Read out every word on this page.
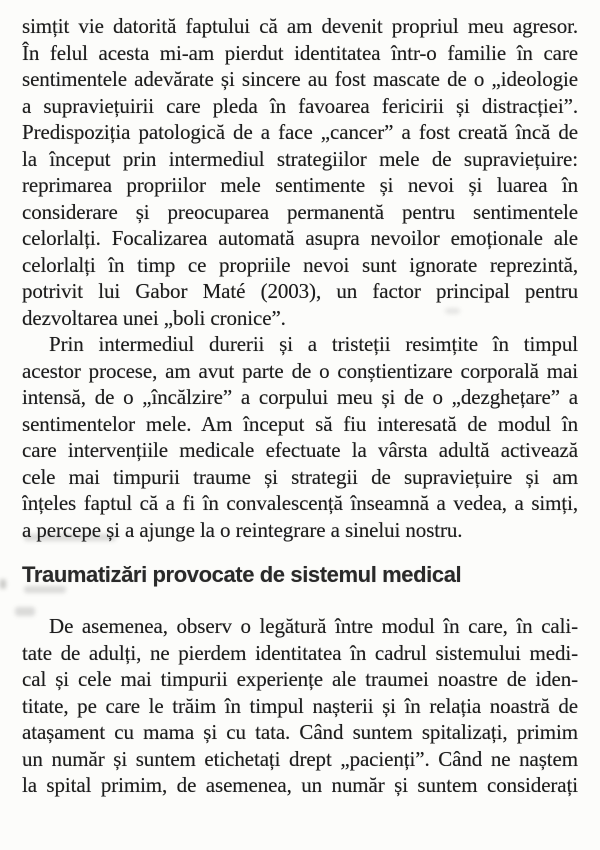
simțit vie datorită faptului că am devenit propriul meu agresor.
În felul acesta mi-am pierdut identitatea într-o familie în care
sentimentele adevărate și sincere au fost mascate de o „ideologie
a supraviețuirii care pleda în favoarea fericirii și distracției”.
Predispoziția patologică de a face „cancer” a fost creată încă de
la început prin intermediul strategiilor mele de supraviețuire:
reprimarea propriilor mele sentimente și nevoi și luarea în
considerare și preocuparea permanentă pentru sentimentele
celorlalți. Focalizarea automată asupra nevoilor emoționale ale
celorlalți în timp ce propriile nevoi sunt ignorate reprezintă,
potrivit lui Gabor Maté (2003), un factor principal pentru
dezvoltarea unei „boli cronice”.
Prin intermediul durerii și a tristeții resimțite în timpul
acestor procese, am avut parte de o conștientizare corporală mai
intensă, de o „încălzire” a corpului meu și de o „dezghețare” a
sentimentelor mele. Am început să fiu interesată de modul în
care intervențiile medicale efectuate la vârsta adultă activează
cele mai timpurii traume și strategii de supraviețuire și am
înțeles faptul că a fi în convalescență înseamnă a vedea, a simți,
a percepe și a ajunge la o reintegrare a sinelui nostru.
Traumatizări provocate de sistemul medical
De asemenea, observ o legătură între modul în care, în cali-
tate de adulți, ne pierdem identitatea în cadrul sistemului medi-
cal și cele mai timpurii experiențe ale traumei noastre de iden-
titate, pe care le trăim în timpul nașterii și în relația noastră de
atașament cu mama și cu tata. Când suntem spitalizați, primim
un număr și suntem etichetați drept „pacienți”. Când ne naștem
la spital primim, de asemenea, un număr și suntem considerați
